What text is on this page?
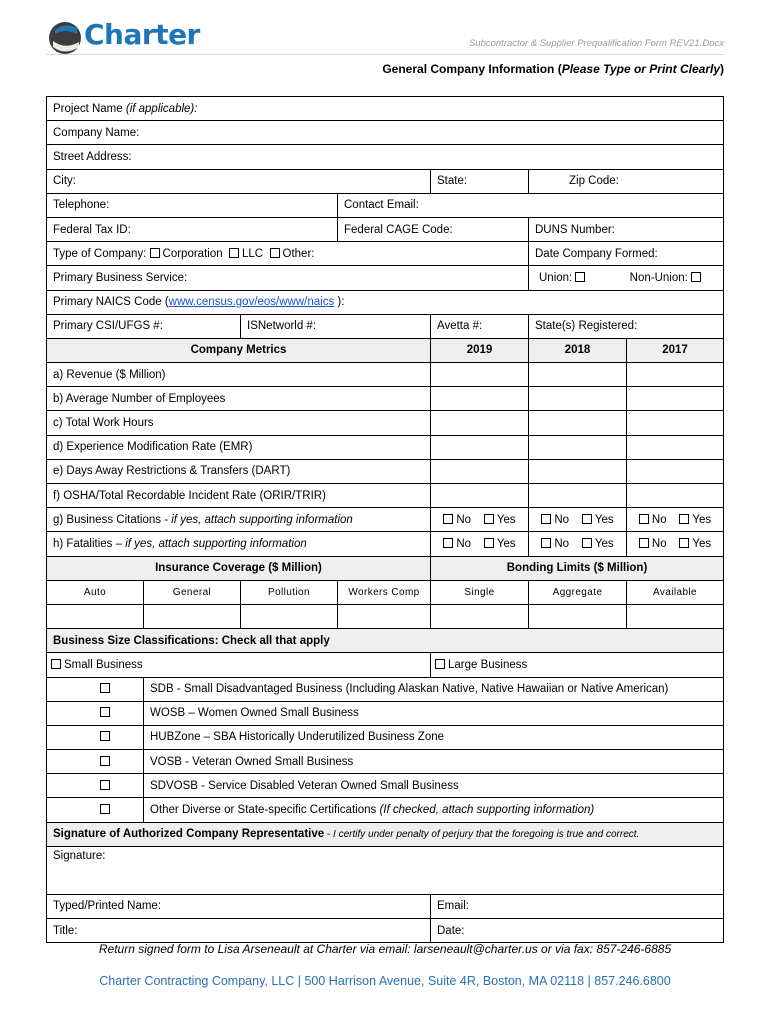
Charter	Subcontractor & Supplier Prequalification Form REV21.Docx
General Company Information (Please Type or Print Clearly)
Project Name (if applicable):						
Company Name:						
Street Address:						
City:				State:	Zip Code:	
Telephone:			Contact Email:			
Federal Tax ID:			Federal CAGE Code:		DUNS Number:	
Type of Company: Corporation LLC Other:					Date Company Formed:	
Primary Business Service:					Union: Non-Union:	
Primary NAICS Code (www.census.gov/eos/www/naics ):						
Primary CSI/UFGS #:		ISNetworld #:		Avetta #:	State(s) Registered:	
Company Metrics				2019	2018	2017
a) Revenue ($ Million)						
b) Average Number of Employees						
c) Total Work Hours						
d) Experience Modification Rate (EMR)						
e) Days Away Restrictions & Transfers (DART)						
f) OSHA/Total Recordable Incident Rate (ORIR/TRIR)						
g) Business Citations - if yes, attach supporting information				No Yes	No Yes	No Yes
h) Fatalities – if yes, attach supporting information				No Yes	No Yes	No Yes
Insurance Coverage ($ Million)				Bonding Limits ($ Million)		
Auto	General	Pollution	Workers Comp	Single	Aggregate	Available

Business Size Classifications: Check all that apply						
Small Business				Large Business		
	SDB - Small Disadvantaged Business (Including Alaskan Native, Native Hawaiian or Native American)					
	WOSB – Women Owned Small Business					
	HUBZone – SBA Historically Underutilized Business Zone					
	VOSB - Veteran Owned Small Business					
	SDVOSB - Service Disabled Veteran Owned Small Business					
	Other Diverse or State-specific Certifications (If checked, attach supporting information)					
Signature of Authorized Company Representative - I certify under penalty of perjury that the foregoing is true and correct.						
Signature:						
Typed/Printed Name:				Email:		
Title:				Date:		
Return signed form to Lisa Arseneault at Charter via email: larseneault@charter.us or via fax: 857-246-6885
Charter Contracting Company, LLC | 500 Harrison Avenue, Suite 4R, Boston, MA 02118 | 857.246.6800
